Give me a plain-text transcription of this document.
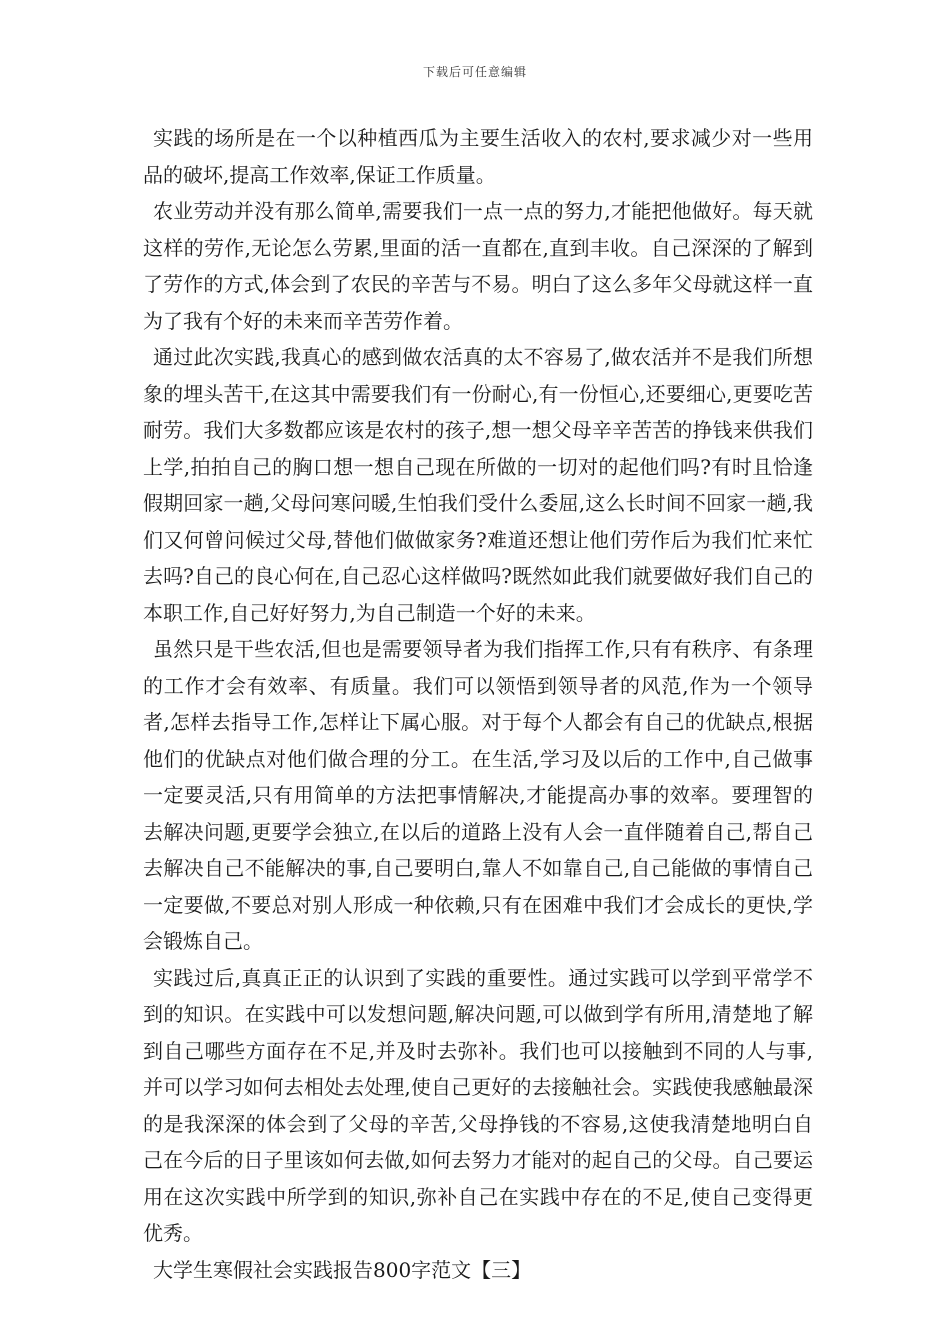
下载后可任意编辑

实践的场所是在一个以种植西瓜为主要生活收入的农村,要求减少对一些用品的破坏,提高工作效率,保证工作质量。

农业劳动并没有那么简单,需要我们一点一点的努力,才能把他做好。每天就这样的劳作,无论怎么劳累,里面的活一直都在,直到丰收。自己深深的了解到了劳作的方式,体会到了农民的辛苦与不易。明白了这么多年父母就这样一直为了我有个好的未来而辛苦劳作着。

通过此次实践,我真心的感到做农活真的太不容易了,做农活并不是我们所想象的埋头苦干,在这其中需要我们有一份耐心,有一份恒心,还要细心,更要吃苦耐劳。我们大多数都应该是农村的孩子,想一想父母辛辛苦苦的挣钱来供我们上学,拍拍自己的胸口想一想自己现在所做的一切对的起他们吗?有时且恰逢假期回家一趟,父母问寒问暖,生怕我们受什么委屈,这么长时间不回家一趟,我们又何曾问候过父母,替他们做做家务?难道还想让他们劳作后为我们忙来忙去吗?自己的良心何在,自己忍心这样做吗?既然如此我们就要做好我们自己的本职工作,自己好好努力,为自己制造一个好的未来。

虽然只是干些农活,但也是需要领导者为我们指挥工作,只有有秩序、有条理的工作才会有效率、有质量。我们可以领悟到领导者的风范,作为一个领导者,怎样去指导工作,怎样让下属心服。对于每个人都会有自己的优缺点,根据他们的优缺点对他们做合理的分工。在生活,学习及以后的工作中,自己做事一定要灵活,只有用简单的方法把事情解决,才能提高办事的效率。要理智的去解决问题,更要学会独立,在以后的道路上没有人会一直伴随着自己,帮自己去解决自己不能解决的事,自己要明白,靠人不如靠自己,自己能做的事情自己一定要做,不要总对别人形成一种依赖,只有在困难中我们才会成长的更快,学会锻炼自己。

实践过后,真真正正的认识到了实践的重要性。通过实践可以学到平常学不到的知识。在实践中可以发想问题,解决问题,可以做到学有所用,清楚地了解到自己哪些方面存在不足,并及时去弥补。我们也可以接触到不同的人与事,并可以学习如何去相处去处理,使自己更好的去接触社会。实践使我感触最深的是我深深的体会到了父母的辛苦,父母挣钱的不容易,这使我清楚地明白自己在今后的日子里该如何去做,如何去努力才能对的起自己的父母。自己要运用在这次实践中所学到的知识,弥补自己在实践中存在的不足,使自己变得更优秀。

大学生寒假社会实践报告800字范文【三】
